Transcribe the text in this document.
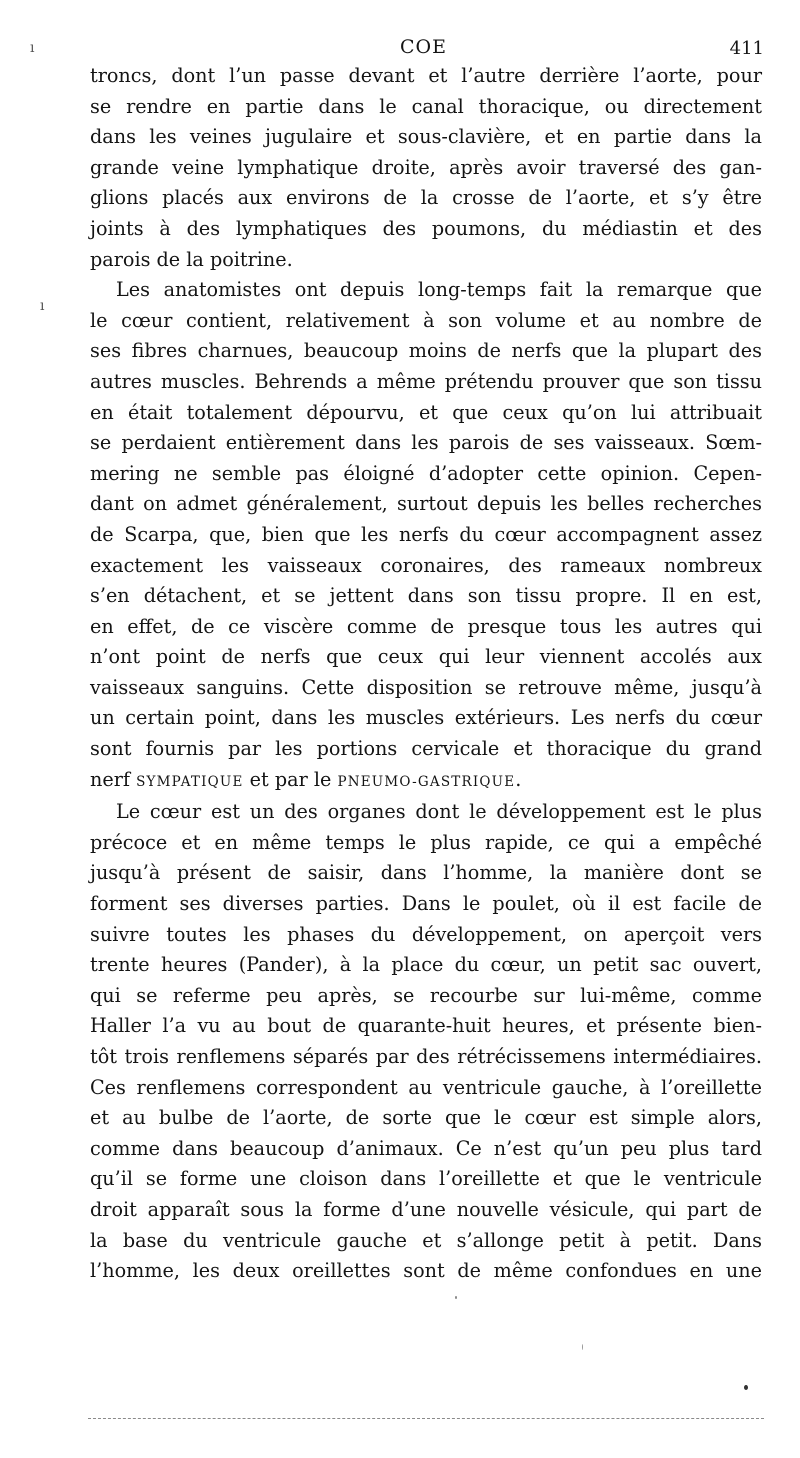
COE	411
ı
ı

troncs, dont l’un passe devant et l’autre derrière l’aorte, pour
se rendre en partie dans le canal thoracique, ou directement
dans les veines jugulaire et sous-clavière, et en partie dans la
grande veine lymphatique droite, après avoir traversé des gan-
glions placés aux environs de la crosse de l’aorte, et s’y être
joints à des lymphatiques des poumons, du médiastin et des
parois de la poitrine.

Les anatomistes ont depuis long-temps fait la remarque que
le cœur contient, relativement à son volume et au nombre de
ses fibres charnues, beaucoup moins de nerfs que la plupart des
autres muscles. Behrends a même prétendu prouver que son tissu
en était totalement dépourvu, et que ceux qu’on lui attribuait
se perdaient entièrement dans les parois de ses vaisseaux. Sœm-
mering ne semble pas éloigné d’adopter cette opinion. Cepen-
dant on admet généralement, surtout depuis les belles recherches
de Scarpa, que, bien que les nerfs du cœur accompagnent assez
exactement les vaisseaux coronaires, des rameaux nombreux
s’en détachent, et se jettent dans son tissu propre. Il en est,
en effet, de ce viscère comme de presque tous les autres qui
n’ont point de nerfs que ceux qui leur viennent accolés aux
vaisseaux sanguins. Cette disposition se retrouve même, jusqu’à
un certain point, dans les muscles extérieurs. Les nerfs du cœur
sont fournis par les portions cervicale et thoracique du grand
nerf SYMPATIQUE et par le PNEUMO-GASTRIQUE.

Le cœur est un des organes dont le développement est le plus
précoce et en même temps le plus rapide, ce qui a empêché
jusqu’à présent de saisir, dans l’homme, la manière dont se
forment ses diverses parties. Dans le poulet, où il est facile de
suivre toutes les phases du développement, on aperçoit vers
trente heures (Pander), à la place du cœur, un petit sac ouvert,
qui se referme peu après, se recourbe sur lui-même, comme
Haller l’a vu au bout de quarante-huit heures, et présente bien-
tôt trois renflemens séparés par des rétrécissemens intermédiaires.
Ces renflemens correspondent au ventricule gauche, à l’oreillette
et au bulbe de l’aorte, de sorte que le cœur est simple alors,
comme dans beaucoup d’animaux. Ce n’est qu’un peu plus tard
qu’il se forme une cloison dans l’oreillette et que le ventricule
droit apparaît sous la forme d’une nouvelle vésicule, qui part de
la base du ventricule gauche et s’allonge petit à petit. Dans
l’homme, les deux oreillettes sont de même confondues en une
